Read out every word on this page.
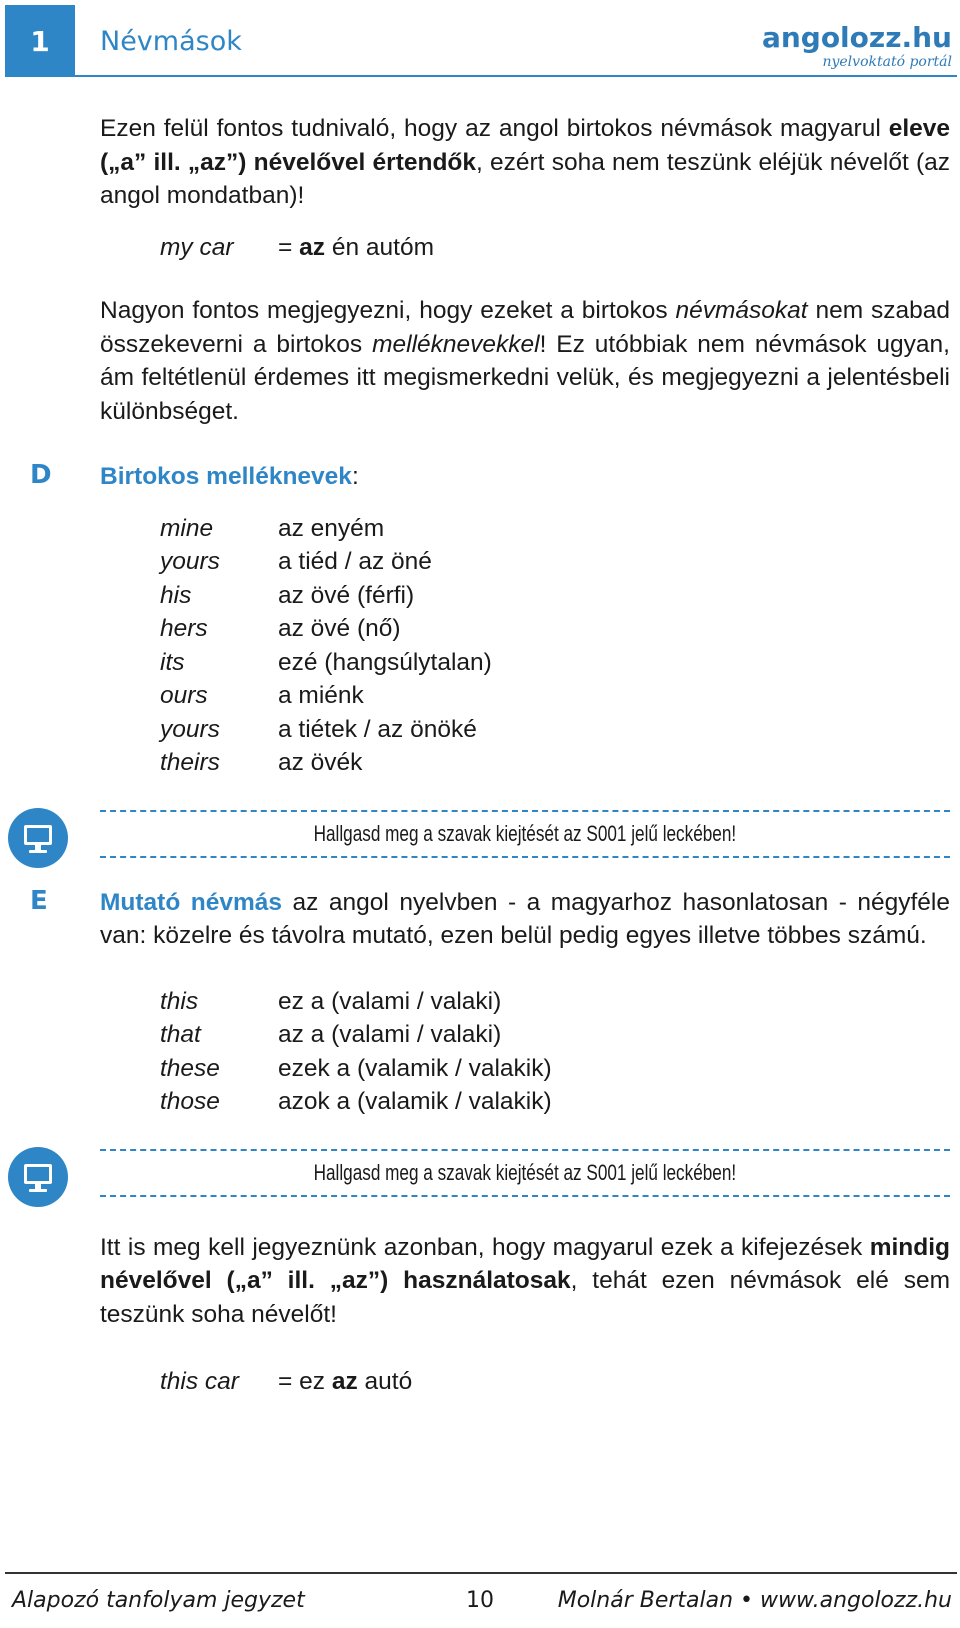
1	Névmások	angolozz.hu
nyelvoktató portál

Ezen felül fontos tudnivaló, hogy az angol birtokos névmások magyarul eleve („a” ill. „az”) névelővel értendők, ezért soha nem teszünk eléjük névelőt (az angol mondatban)!

my car = az én autóm

Nagyon fontos megjegyezni, hogy ezeket a birtokos névmásokat nem szabad összekeverni a birtokos melléknevekkel! Ez utóbbiak nem névmások ugyan, ám feltétlenül érdemes itt megismerkedni velük, és megjegyezni a jelentésbeli különbséget.

D Birtokos melléknevek:
mine	az enyém
yours	a tiéd / az öné
his	az övé (férfi)
hers	az övé (nő)
its	ezé (hangsúlytalan)
ours	a miénk
yours	a tiétek / az önöké
theirs	az övék
Hallgasd meg a szavak kiejtését az S001 jelű leckében!
E Mutató névmás az angol nyelvben - a magyarhoz hasonlatosan - négyféle van: közelre és távolra mutató, ezen belül pedig egyes illetve többes számú.

this	ez a (valami / valaki)
that	az a (valami / valaki)
these	ezek a (valamik / valakik)
those	azok a (valamik / valakik)
Hallgasd meg a szavak kiejtését az S001 jelű leckében!

Itt is meg kell jegyeznünk azonban, hogy magyarul ezek a kifejezések mindig névelővel („a” ill. „az”) használatosak, tehát ezen névmások elé sem teszünk soha névelőt!

this car = ez az autó
Alapozó tanfolyam jegyzet	10	Molnár Bertalan • www.angolozz.hu
